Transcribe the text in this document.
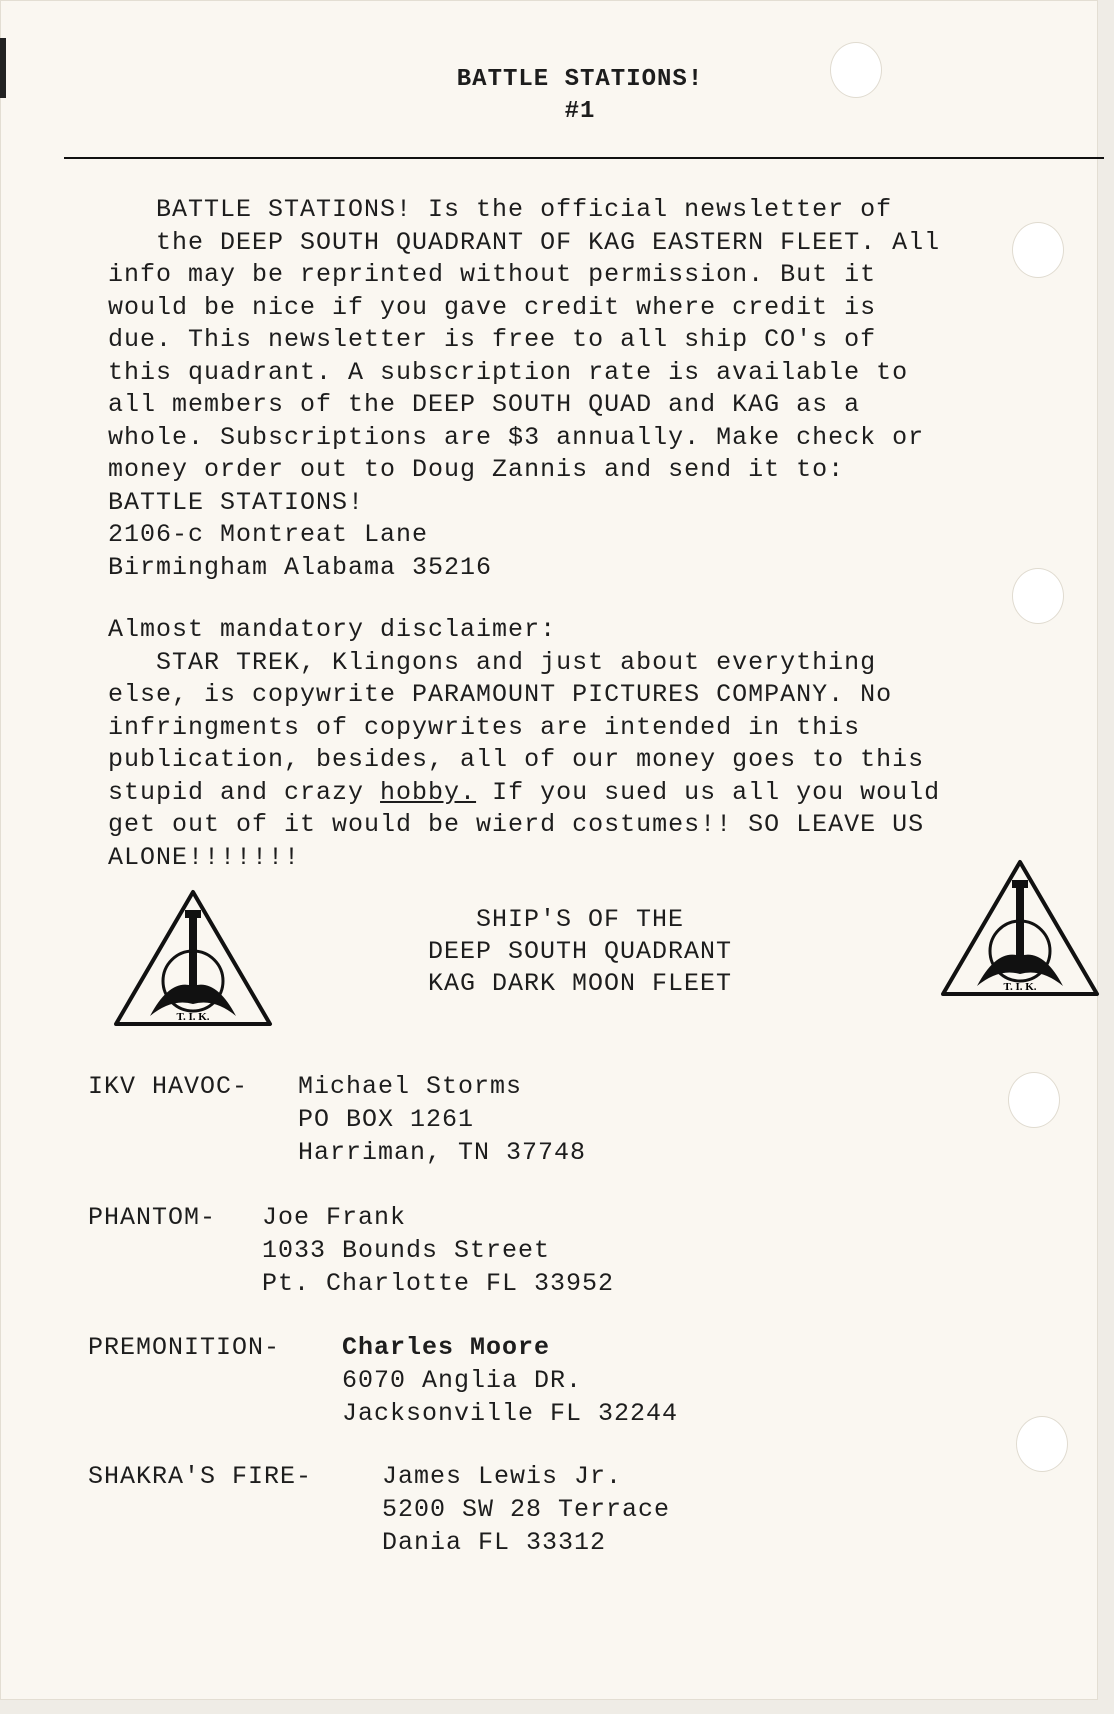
BATTLE STATIONS!
#1

BATTLE STATIONS! Is the official newsletter of
the DEEP SOUTH QUADRANT OF KAG EASTERN FLEET. All
info may be reprinted without permission. But it
would be nice if you gave credit where credit is
due. This newsletter is free to all ship CO's of
this quadrant. A subscription rate is available to
all members of the DEEP SOUTH QUAD and KAG as a
whole. Subscriptions are $3 annually. Make check or
money order out to Doug Zannis and send it to:
BATTLE STATIONS!
2106-c Montreat Lane
Birmingham Alabama 35216

Almost mandatory disclaimer:
STAR TREK, Klingons and just about everything
else, is copywrite PARAMOUNT PICTURES COMPANY. No
infringments of copywrites are intended in this
publication, besides, all of our money goes to this
stupid and crazy hobby. If you sued us all you would
get out of it would be wierd costumes!! SO LEAVE US
ALONE!!!!!!!

T. I. K.
SHIP'S OF THE
DEEP SOUTH QUADRANT
KAG DARK MOON FLEET	T. I. K.
IKV HAVOC- Michael Storms
PO BOX 1261
Harriman, TN 37748
PHANTOM- Joe Frank
1033 Bounds Street
Pt. Charlotte FL 33952
PREMONITION- Charles Moore
6070 Anglia DR.
Jacksonville FL 32244
SHAKRA'S FIRE-	James Lewis Jr.
5200 SW 28 Terrace
Dania FL 33312
